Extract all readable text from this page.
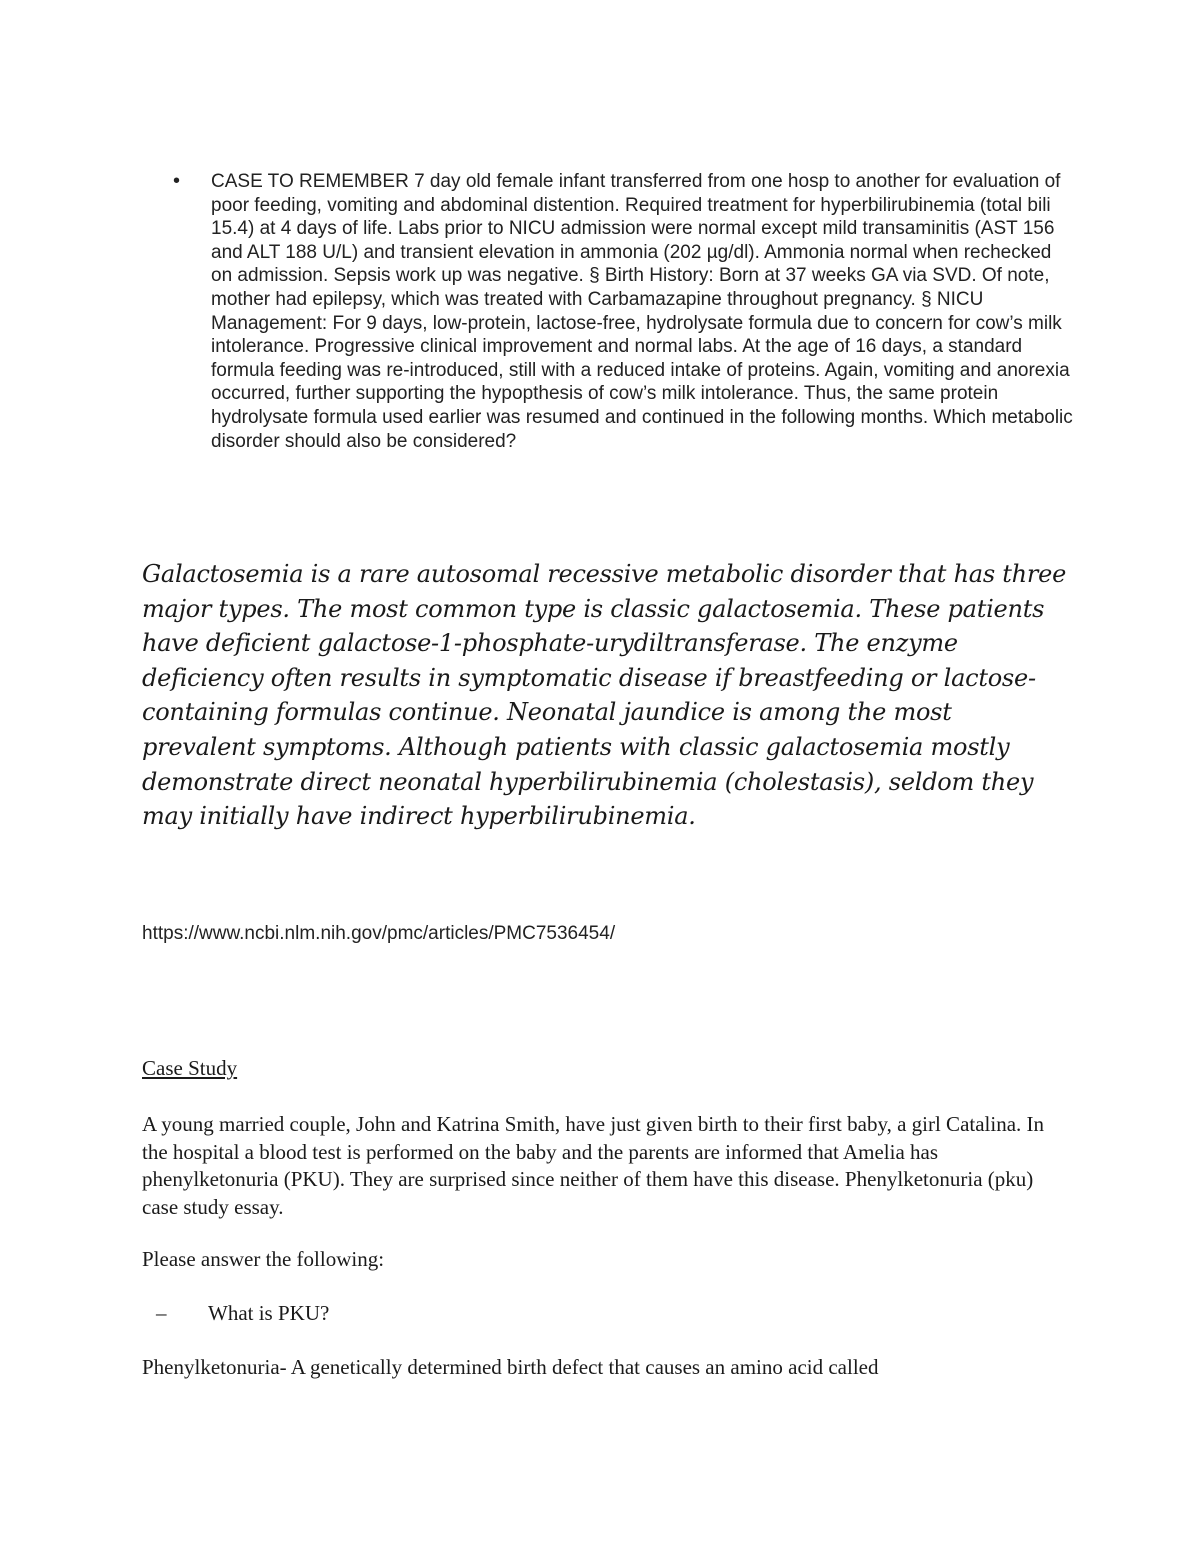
•	CASE TO REMEMBER 7 day old female infant transferred from one hosp to another for evaluation of poor feeding, vomiting and abdominal distention. Required treatment for hyperbilirubinemia (total bili 15.4) at 4 days of life. Labs prior to NICU admission were normal except mild transaminitis (AST 156 and ALT 188 U/L) and transient elevation in ammonia (202 µg/dl). Ammonia normal when rechecked on admission. Sepsis work up was negative. § Birth History: Born at 37 weeks GA via SVD. Of note, mother had epilepsy, which was treated with Carbamazapine throughout pregnancy. § NICU Management: For 9 days, low-protein, lactose-free, hydrolysate formula due to concern for cow’s milk intolerance. Progressive clinical improvement and normal labs. At the age of 16 days, a standard formula feeding was re-introduced, still with a reduced intake of proteins. Again, vomiting and anorexia occurred, further supporting the hypopthesis of cow’s milk intolerance. Thus, the same protein hydrolysate formula used earlier was resumed and continued in the following months. Which metabolic disorder should also be considered?
Galactosemia is a rare autosomal recessive metabolic disorder that has three major types. The most common type is classic galactosemia. These patients have deficient galactose-1-phosphate-urydiltransferase. The enzyme deficiency often results in symptomatic disease if breastfeeding or lactose-containing formulas continue. Neonatal jaundice is among the most prevalent symptoms. Although patients with classic galactosemia mostly demonstrate direct neonatal hyperbilirubinemia (cholestasis), seldom they may initially have indirect hyperbilirubinemia.
https://www.ncbi.nlm.nih.gov/pmc/articles/PMC7536454/
Case Study
A young married couple, John and Katrina Smith, have just given birth to their first baby, a girl Catalina. In the hospital a blood test is performed on the baby and the parents are informed that Amelia has phenylketonuria (PKU). They are surprised since neither of them have this disease. Phenylketonuria (pku) case study essay.
Please answer the following:
–	What is PKU?
Phenylketonuria- A genetically determined birth defect that causes an amino acid called
